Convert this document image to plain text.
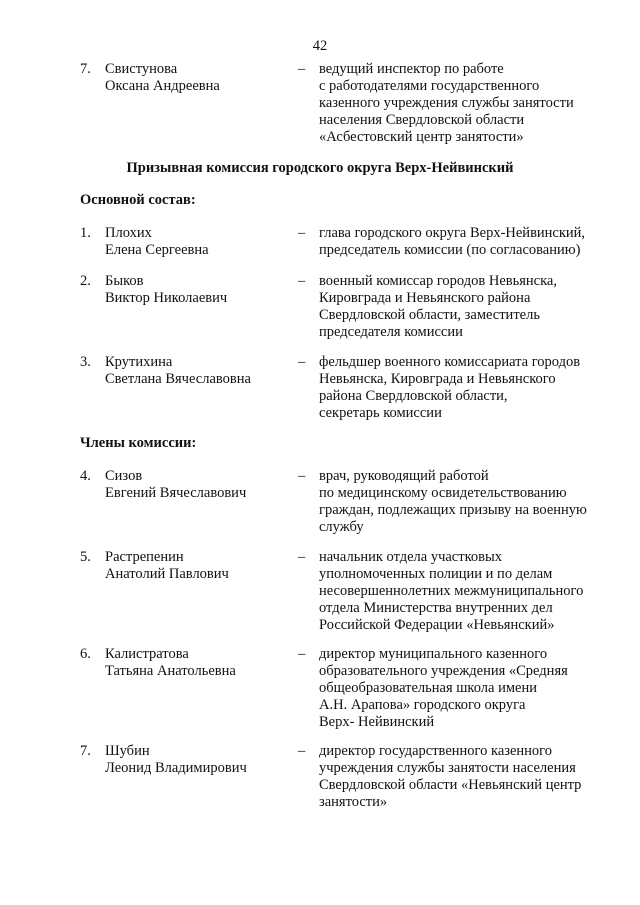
42
7. Свистунова
Оксана Андреевна
– ведущий инспектор по работе
с работодателями государственного
казенного учреждения службы занятости
населения Свердловской области
«Асбестовский центр занятости»
Призывная комиссия городского округа Верх-Нейвинский
Основной состав:
1. Плохих
Елена Сергеевна
– глава городского округа Верх-Нейвинский,
председатель комиссии (по согласованию)
2. Быков
Виктор Николаевич
– военный комиссар городов Невьянска,
Кировграда и Невьянского района
Свердловской области, заместитель
председателя комиссии
3. Крутихина
Светлана Вячеславовна
– фельдшер военного комиссариата городов
Невьянска, Кировграда и Невьянского
района Свердловской области,
секретарь комиссии
Члены комиссии:
4. Сизов
Евгений Вячеславович
– врач, руководящий работой
по медицинскому освидетельствованию
граждан, подлежащих призыву на военную
службу
5. Растрепенин
Анатолий Павлович
– начальник отдела участковых
уполномоченных полиции и по делам
несовершеннолетних межмуниципального
отдела Министерства внутренних дел
Российской Федерации «Невьянский»
6. Калистратова
Татьяна Анатольевна
– директор муниципального казенного
образовательного учреждения «Средняя
общеобразовательная школа имени
А.Н. Арапова» городского округа
Верх- Нейвинский
7. Шубин
Леонид Владимирович
– директор государственного казенного
учреждения службы занятости населения
Свердловской области «Невьянский центр
занятости»
